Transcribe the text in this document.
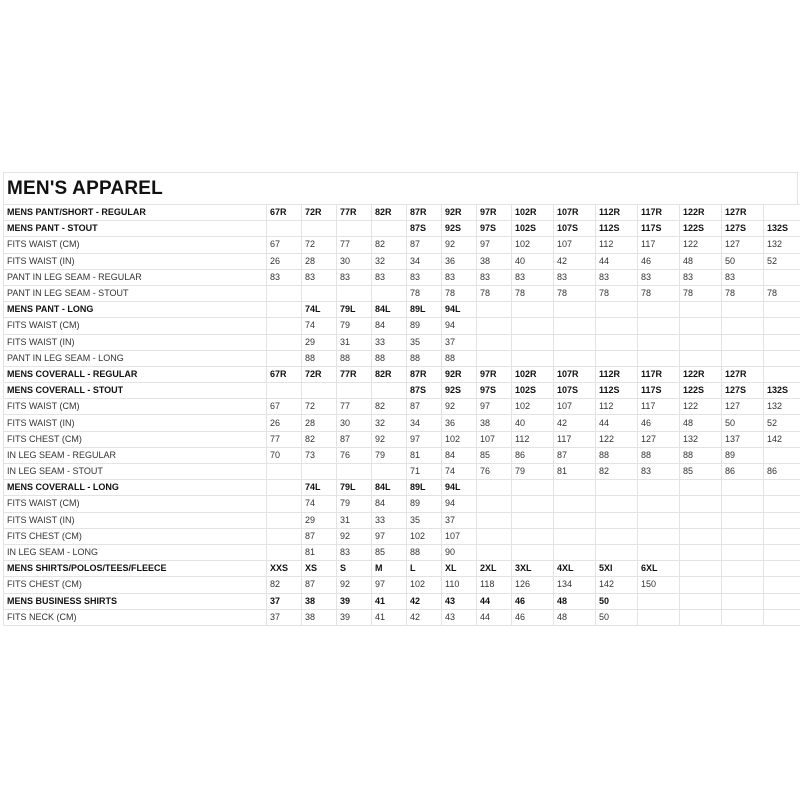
MEN'S APPAREL
MENS PANT/SHORT - REGULAR	67R	72R	77R	82R	87R	92R	97R	102R	107R	112R	117R	122R	127R	
MENS PANT - STOUT					87S	92S	97S	102S	107S	112S	117S	122S	127S	132S
FITS WAIST (CM)	67	72	77	82	87	92	97	102	107	112	117	122	127	132
FITS WAIST (IN)	26	28	30	32	34	36	38	40	42	44	46	48	50	52
PANT IN LEG SEAM - REGULAR	83	83	83	83	83	83	83	83	83	83	83	83	83	
PANT IN LEG SEAM - STOUT					78	78	78	78	78	78	78	78	78	78
MENS PANT - LONG		74L	79L	84L	89L	94L								
FITS WAIST (CM)		74	79	84	89	94								
FITS WAIST (IN)		29	31	33	35	37								
PANT IN LEG SEAM - LONG		88	88	88	88	88								
MENS COVERALL - REGULAR	67R	72R	77R	82R	87R	92R	97R	102R	107R	112R	117R	122R	127R	
MENS COVERALL - STOUT					87S	92S	97S	102S	107S	112S	117S	122S	127S	132S
FITS WAIST (CM)	67	72	77	82	87	92	97	102	107	112	117	122	127	132
FITS WAIST (IN)	26	28	30	32	34	36	38	40	42	44	46	48	50	52
FITS CHEST (CM)	77	82	87	92	97	102	107	112	117	122	127	132	137	142
IN LEG SEAM - REGULAR	70	73	76	79	81	84	85	86	87	88	88	88	89	
IN LEG SEAM - STOUT					71	74	76	79	81	82	83	85	86	86
MENS COVERALL - LONG		74L	79L	84L	89L	94L								
FITS WAIST (CM)		74	79	84	89	94								
FITS WAIST (IN)		29	31	33	35	37								
FITS CHEST (CM)		87	92	97	102	107								
IN LEG SEAM - LONG		81	83	85	88	90								
MENS SHIRTS/POLOS/TEES/FLEECE	XXS	XS	S	M	L	XL	2XL	3XL	4XL	5XI	6XL			
FITS CHEST (CM)	82	87	92	97	102	110	118	126	134	142	150			
MENS BUSINESS SHIRTS	37	38	39	41	42	43	44	46	48	50				
FITS NECK (CM)	37	38	39	41	42	43	44	46	48	50				
